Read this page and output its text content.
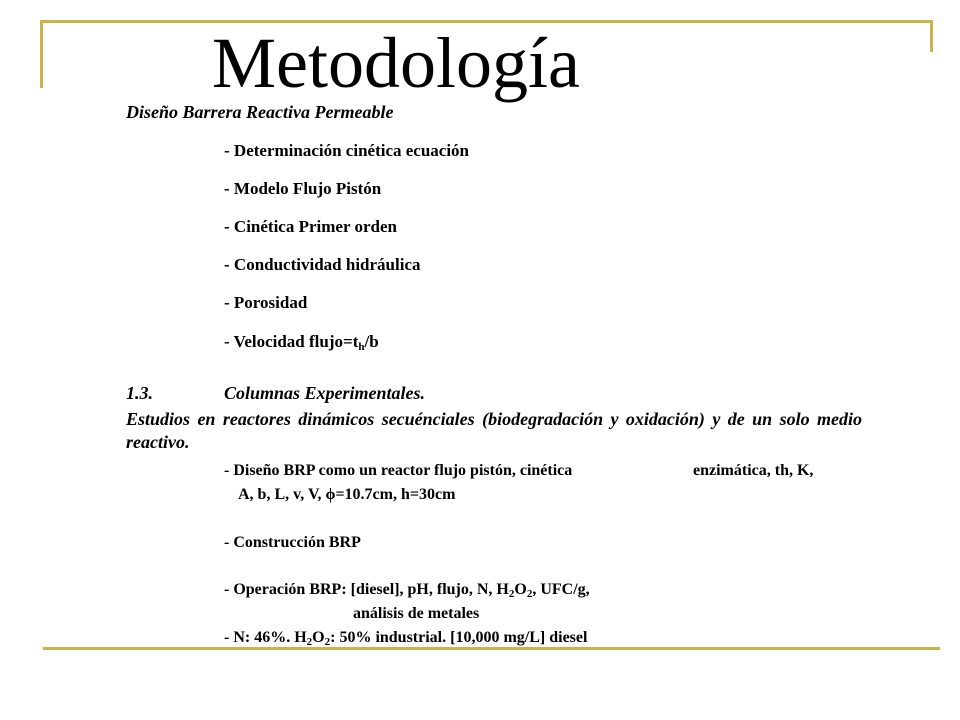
Metodología
Diseño Barrera Reactiva Permeable
- Determinación cinética ecuación
- Modelo Flujo Pistón
- Cinética Primer orden
- Conductividad hidráulica
- Porosidad
- Velocidad $flujo=t_h/b$
1.3.	Columnas Experimentales.
Estudios en reactores dinámicos secuénciales (biodegradación y oxidación) y de un solo medio reactivo.
- Diseño BRP como un reactor flujo pistón, cinética	enzimática, th, K,
A, b, L, v, V, ϕ=10.7cm, h=30cm
- Construcción BRP
- Operación BRP: [diesel], pH, flujo, N, $H_2O_2$, UFC/g,
análisis de metales
- N: 46%. $H_2O_2$: 50% industrial. [10,000 mg/L] diesel
